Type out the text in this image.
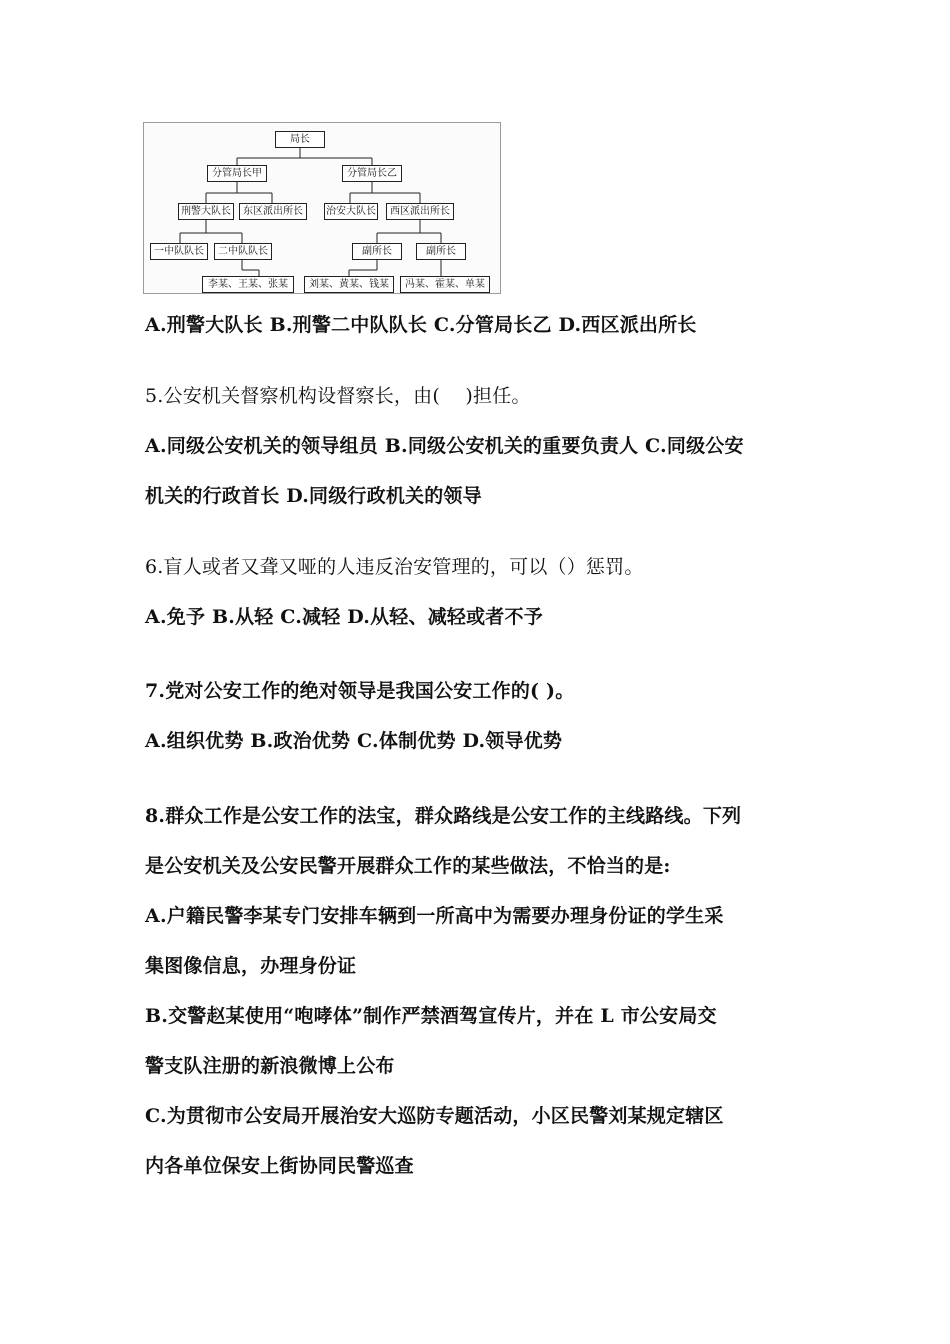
局长
分管局长甲	分管局长乙
刑警大队长	东区派出所长	治安大队长	西区派出所长
一中队队长	二中队队长	副所长	副所长
李某、王某、张某	刘某、黄某、钱某	冯某、霍某、单某
A.刑警大队长 B.刑警二中队队长 C.分管局长乙 D.西区派出所长
5.公安机关督察机构设督察长，由(　 )担任。
A.同级公安机关的领导组员 B.同级公安机关的重要负责人 C.同级公安
机关的行政首长 D.同级行政机关的领导
6.盲人或者又聋又哑的人违反治安管理的，可以（）惩罚。
A.免予 B.从轻 C.减轻 D.从轻、减轻或者不予
7.党对公安工作的绝对领导是我国公安工作的( )。
A.组织优势 B.政治优势 C.体制优势 D.领导优势
8.群众工作是公安工作的法宝，群众路线是公安工作的主线路线。下列
是公安机关及公安民警开展群众工作的某些做法，不恰当的是:
A.户籍民警李某专门安排车辆到一所高中为需要办理身份证的学生采
集图像信息，办理身份证
B.交警赵某使用“咆哮体”制作严禁酒驾宣传片，并在 L 市公安局交
警支队注册的新浪微博上公布
C.为贯彻市公安局开展治安大巡防专题活动，小区民警刘某规定辖区
内各单位保安上街协同民警巡查
